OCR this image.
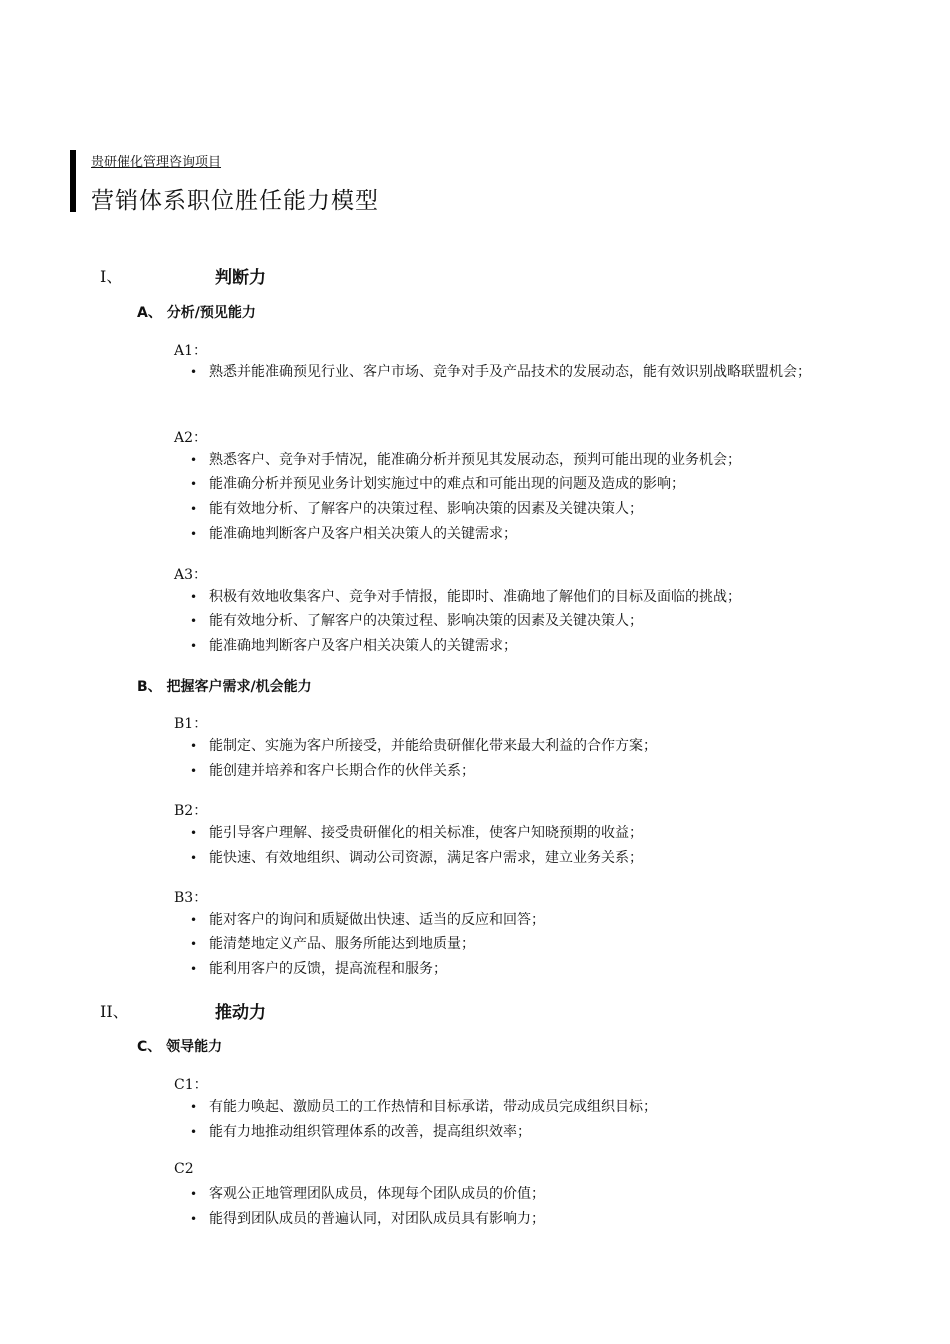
贵研催化管理咨询项目
营销体系职位胜任能力模型
I、	判断力
A、 分析/预见能力
A1：
• 熟悉并能准确预见行业、客户市场、竞争对手及产品技术的发展动态，能有效识别战略联盟机会；
A2：
• 熟悉客户、竞争对手情况，能准确分析并预见其发展动态，预判可能出现的业务机会；
• 能准确分析并预见业务计划实施过中的难点和可能出现的问题及造成的影响；
• 能有效地分析、了解客户的决策过程、影响决策的因素及关键决策人；
• 能准确地判断客户及客户相关决策人的关键需求；
A3：
• 积极有效地收集客户、竞争对手情报，能即时、准确地了解他们的目标及面临的挑战；
• 能有效地分析、了解客户的决策过程、影响决策的因素及关键决策人；
• 能准确地判断客户及客户相关决策人的关键需求；
B、 把握客户需求/机会能力
B1：
• 能制定、实施为客户所接受，并能给贵研催化带来最大利益的合作方案；
• 能创建并培养和客户长期合作的伙伴关系；
B2：
• 能引导客户理解、接受贵研催化的相关标准，使客户知晓预期的收益；
• 能快速、有效地组织、调动公司资源，满足客户需求，建立业务关系；
B3：
• 能对客户的询问和质疑做出快速、适当的反应和回答；
• 能清楚地定义产品、服务所能达到地质量；
• 能利用客户的反馈，提高流程和服务；
II、	推动力
C、 领导能力
C1：
• 有能力唤起、激励员工的工作热情和目标承诺，带动成员完成组织目标；
• 能有力地推动组织管理体系的改善，提高组织效率；
C2
• 客观公正地管理团队成员，体现每个团队成员的价值；
• 能得到团队成员的普遍认同，对团队成员具有影响力；
